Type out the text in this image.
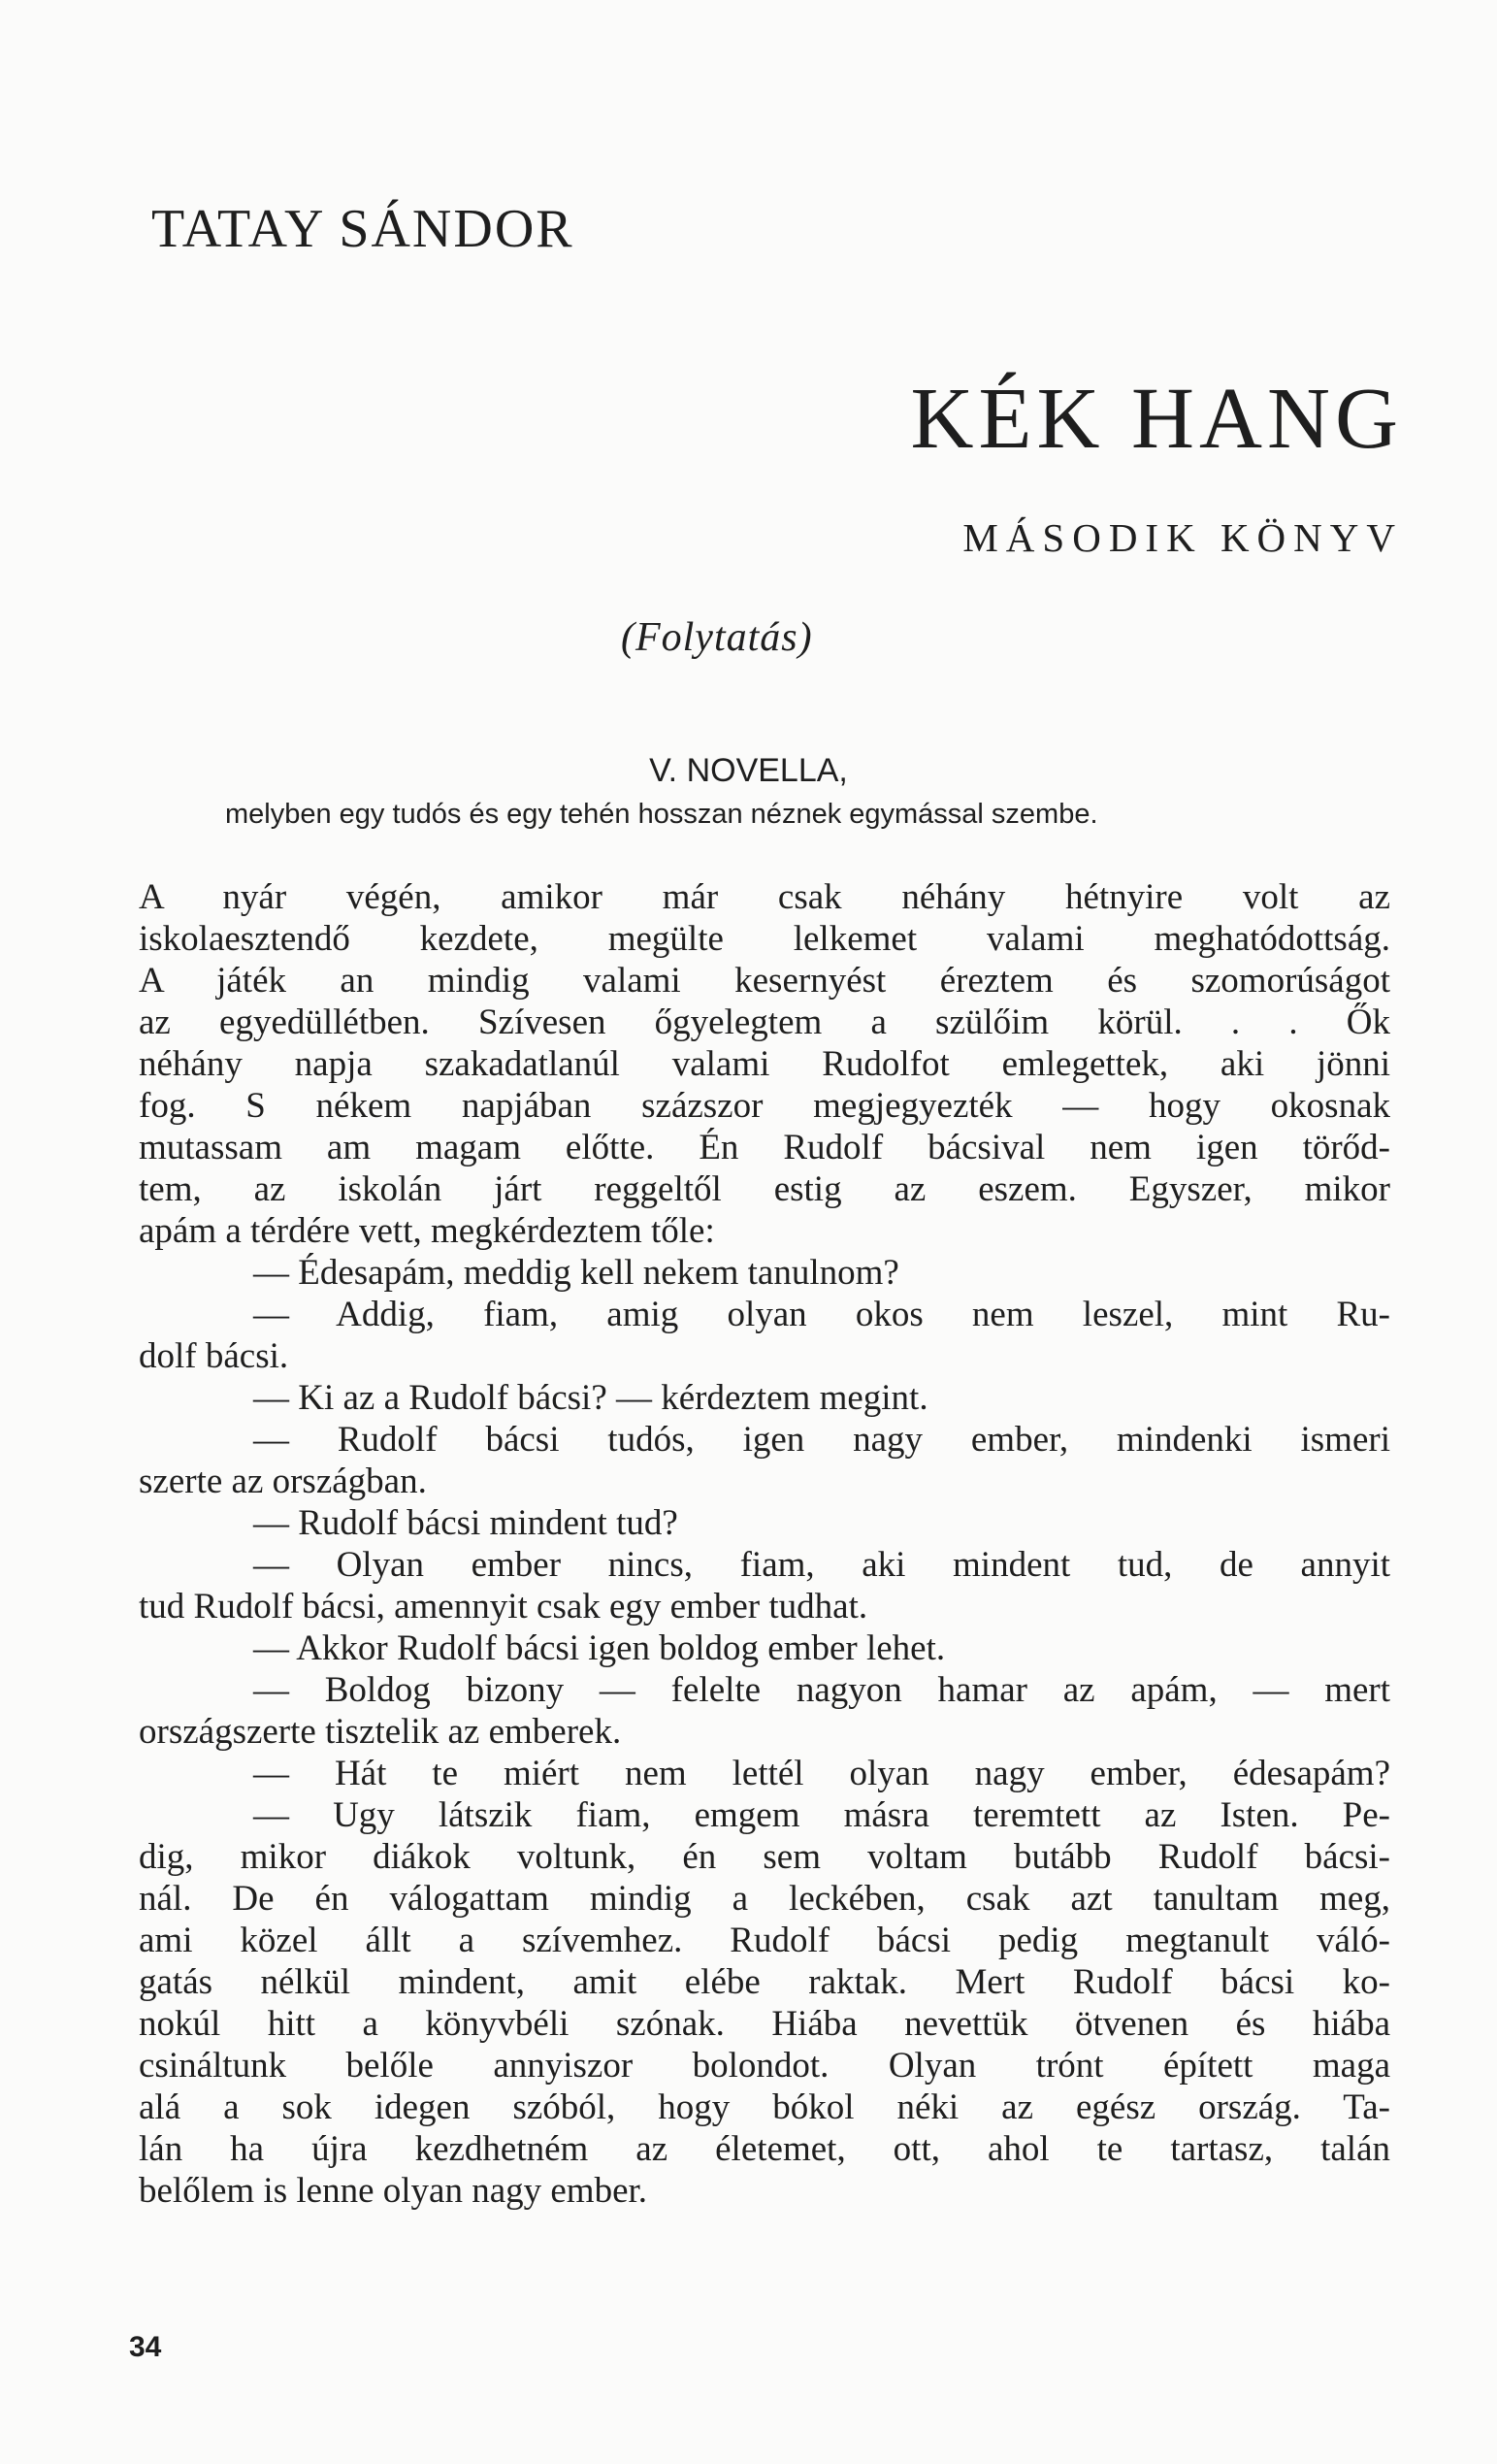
TATAY SÁNDOR
KÉK HANG
MÁSODIK KÖNYV
(Folytatás)
V. NOVELLA,
melyben egy tudós és egy tehén hosszan néznek egymással szembe.
A nyár végén, amikor már csak néhány hétnyire volt az
iskolaesztendő kezdete, megülte lelkemet valami meghatódottság.
A játék an mindig valami kesernyést éreztem és szomorúságot
az egyedüllétben. Szívesen őgyelegtem a szülőim körül. . . Ők
néhány napja szakadatlanúl valami Rudolfot emlegettek, aki jönni
fog. S nékem napjában százszor megjegyezték — hogy okosnak
mutassam am magam előtte. Én Rudolf bácsival nem igen törőd-
tem, az iskolán járt reggeltől estig az eszem. Egyszer, mikor
apám a térdére vett, megkérdeztem tőle:
— Édesapám, meddig kell nekem tanulnom?
— Addig, fiam, amig olyan okos nem leszel, mint Ru-
dolf bácsi.
— Ki az a Rudolf bácsi? — kérdeztem megint.
— Rudolf bácsi tudós, igen nagy ember, mindenki ismeri
szerte az országban.
— Rudolf bácsi mindent tud?
— Olyan ember nincs, fiam, aki mindent tud, de annyit
tud Rudolf bácsi, amennyit csak egy ember tudhat.
— Akkor Rudolf bácsi igen boldog ember lehet.
— Boldog bizony — felelte nagyon hamar az apám, — mert
országszerte tisztelik az emberek.
— Hát te miért nem lettél olyan nagy ember, édesapám?
— Ugy látszik fiam, emgem másra teremtett az Isten. Pe-
dig, mikor diákok voltunk, én sem voltam butább Rudolf bácsi-
nál. De én válogattam mindig a leckében, csak azt tanultam meg,
ami közel állt a szívemhez. Rudolf bácsi pedig megtanult váló-
gatás nélkül mindent, amit elébe raktak. Mert Rudolf bácsi ko-
nokúl hitt a könyvbéli szónak. Hiába nevettük ötvenen és hiába
csináltunk belőle annyiszor bolondot. Olyan trónt épített maga
alá a sok idegen szóból, hogy bókol néki az egész ország. Ta-
lán ha újra kezdhetném az életemet, ott, ahol te tartasz, talán
belőlem is lenne olyan nagy ember.
34
